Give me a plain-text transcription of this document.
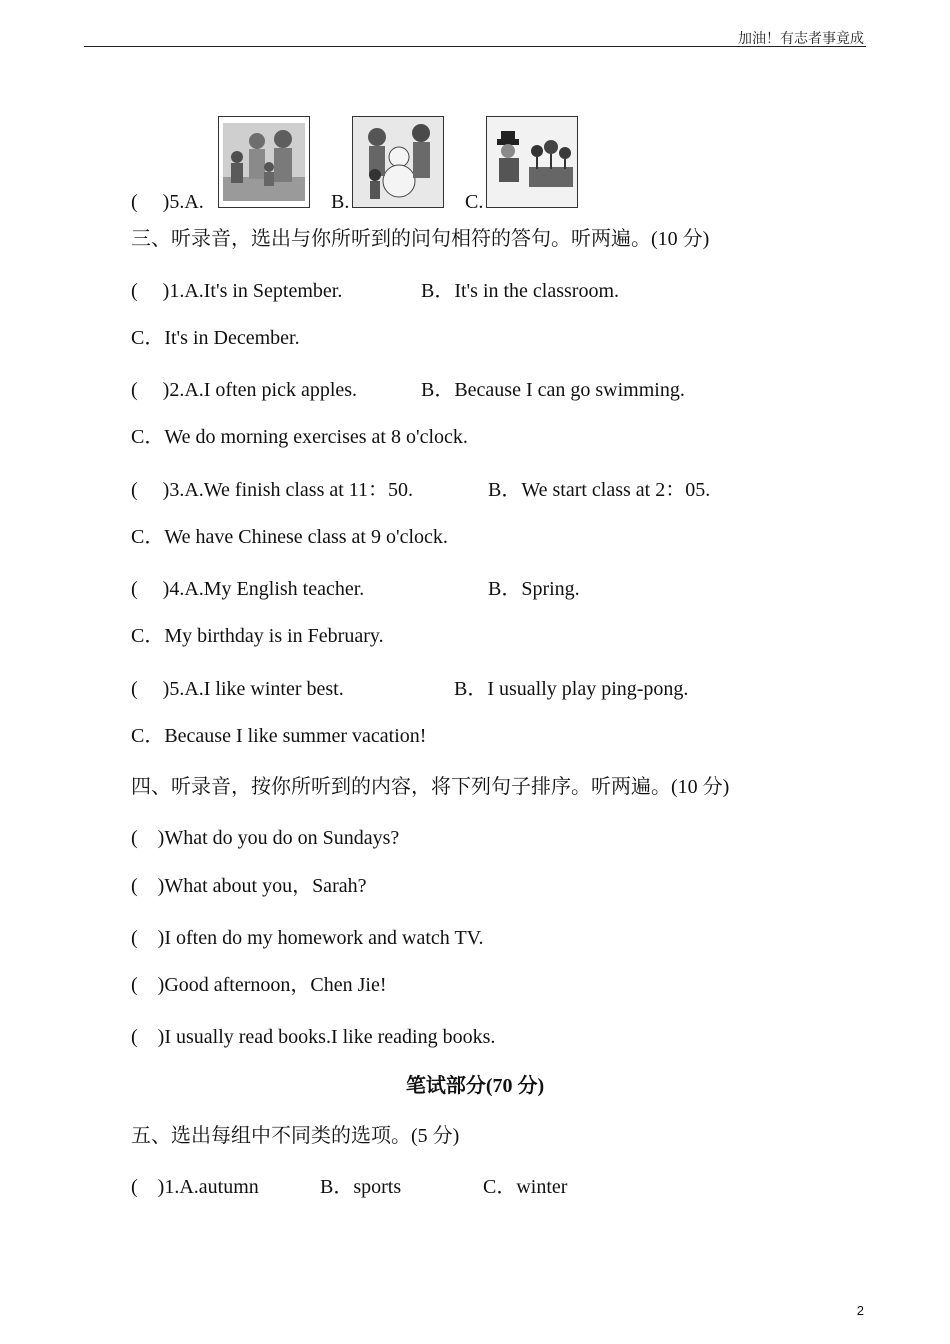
加油！有志者事竟成
(　 )5.A.	B.	C.
三、听录音，选出与你所听到的问句相符的答句。听两遍。(10 分)
(　 )1.A.It's in September.	B．It's in the classroom.
C．It's in December.
(　 )2.A.I often pick apples.	B．Because I can go swimming.
C．We do morning exercises at 8 o'clock.
(　 )3.A.We finish class at 11：50.	B．We start class at 2：05.
C．We have Chinese class at 9 o'clock.
(　 )4.A.My English teacher.	B．Spring.
C．My birthday is in February.
(　 )5.A.I like winter best.	B．I usually play ping-pong.
C．Because I like summer vacation!
四、听录音，按你所听到的内容，将下列句子排序。听两遍。(10 分)
(　)What do you do on Sundays?
(　)What about you，Sarah?
(　)I often do my homework and watch TV.
(　)Good afternoon，Chen Jie!
(　)I usually read books.I like reading books.
笔试部分(70 分)
五、选出每组中不同类的选项。(5 分)
(　)1.A.autumn	B．sports	C．winter
2
